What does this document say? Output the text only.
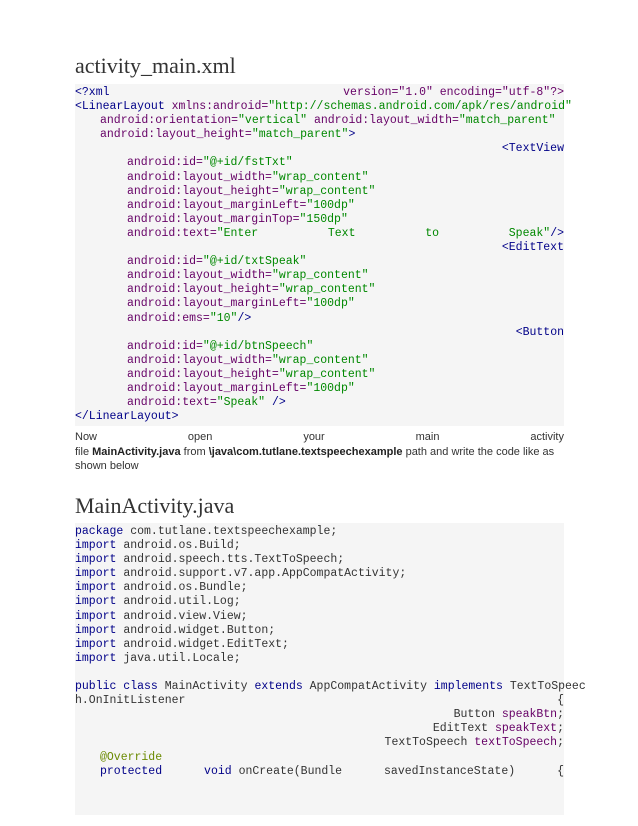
activity_main.xml
<?xml	version="1.0" encoding="utf-8"?>
<LinearLayout xmlns:android="http://schemas.android.com/apk/res/android"
android:orientation="vertical" android:layout_width="match_parent"
android:layout_height="match_parent">
<TextView
android:id="@+id/fstTxt"
android:layout_width="wrap_content"
android:layout_height="wrap_content"
android:layout_marginLeft="100dp"
android:layout_marginTop="150dp"
android:text="Enter	Text	to	Speak"/>
<EditText
android:id="@+id/txtSpeak"
android:layout_width="wrap_content"
android:layout_height="wrap_content"
android:layout_marginLeft="100dp"
android:ems="10"/>
<Button
android:id="@+id/btnSpeech"
android:layout_width="wrap_content"
android:layout_height="wrap_content"
android:layout_marginLeft="100dp"
android:text="Speak" />
</LinearLayout>
Now	open	your	main	activity
file MainActivity.java from \java\com.tutlane.textspeechexample path and write the code like as
shown below
MainActivity.java
package com.tutlane.textspeechexample;
import android.os.Build;
import android.speech.tts.TextToSpeech;
import android.support.v7.app.AppCompatActivity;
import android.os.Bundle;
import android.util.Log;
import android.view.View;
import android.widget.Button;
import android.widget.EditText;
import java.util.Locale;

public class MainActivity extends AppCompatActivity implements TextToSpeec
h.OnInitListener	{
Button speakBtn;
EditText speakText;
TextToSpeech textToSpeech;
@Override
protected	void onCreate(Bundle	savedInstanceState)	{
